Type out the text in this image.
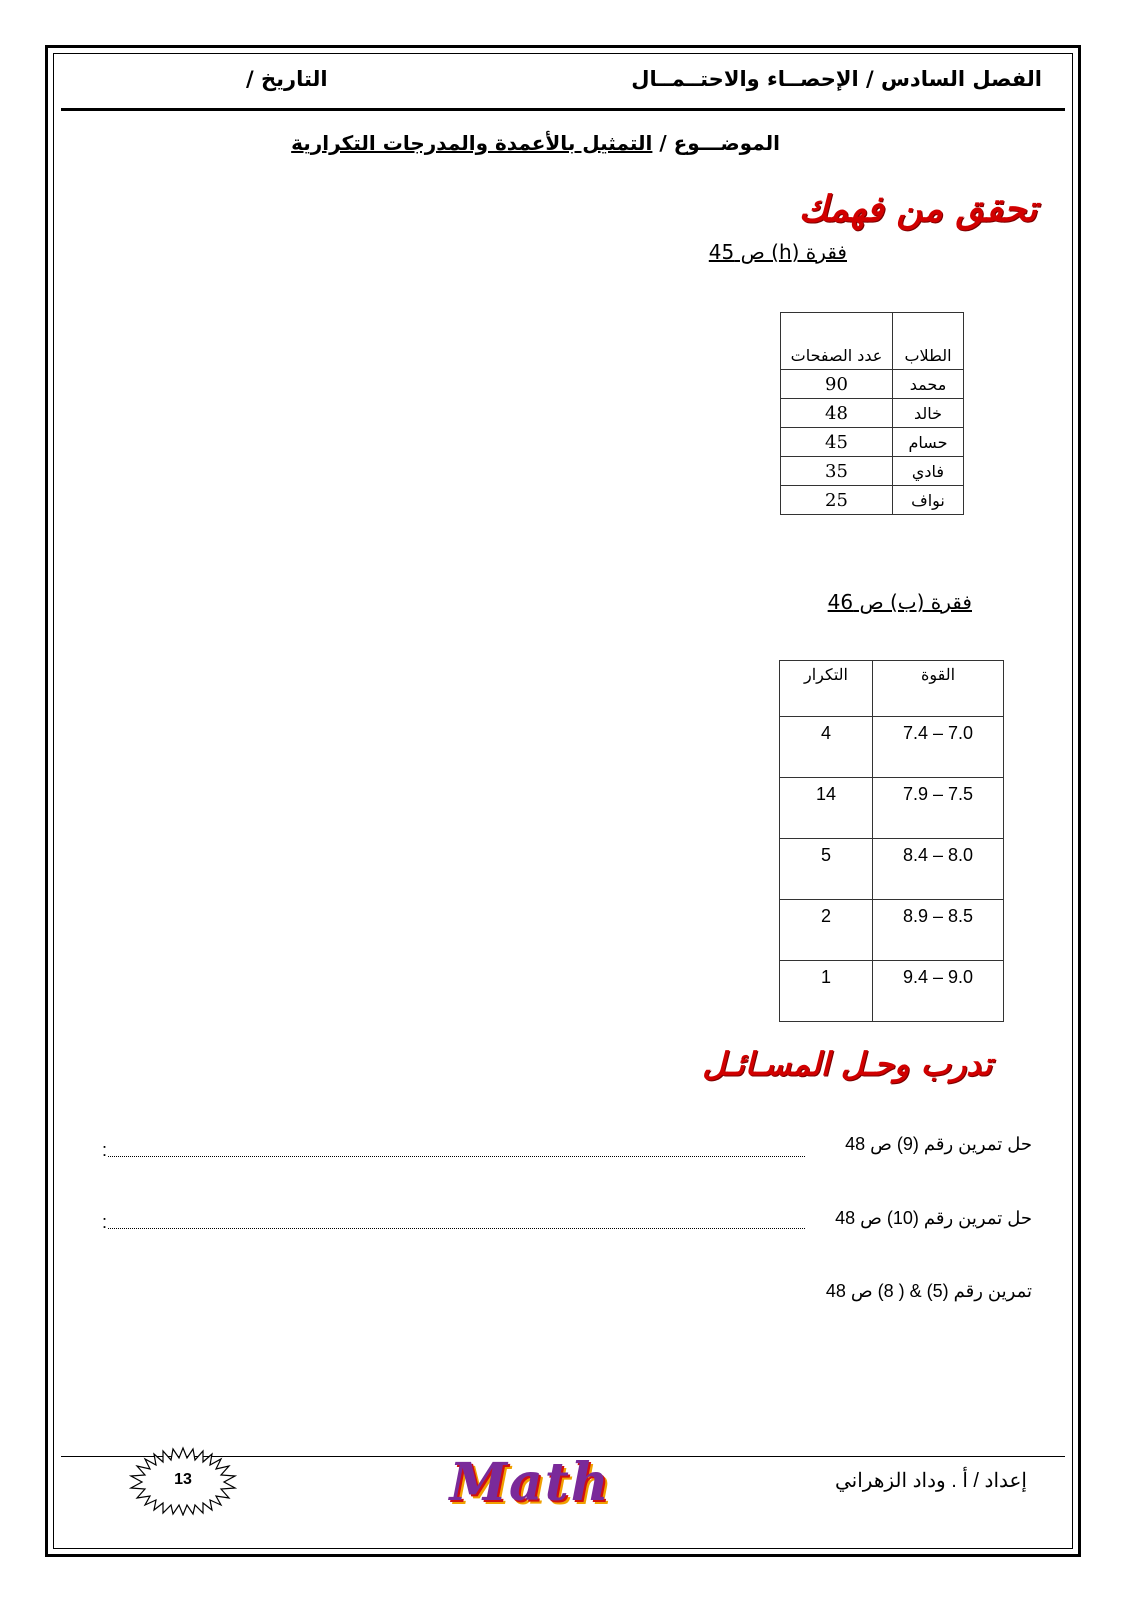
الفصل السادس / الإحصــاء والاحتــمــال
التاريخ /
الموضـــوع / التمثيل بالأعمدة والمدرجات التكرارية
تحقق من فهمك
فقرة (h) ص 45
الطلاب	عدد الصفحات
محمد	90
خالد	48
حسام	45
فادي	35
نواف	25
فقرة (ب) ص 46
القوة	التكرار
7.4 – 7.0	4
7.9 – 7.5	14
8.4 – 8.0	5
8.9 – 8.5	2
9.4 – 9.0	1
تدرب وحـل المسـائـل
حل تمرين رقم (9) ص 48
:
حل تمرين رقم (10) ص 48
:
تمرين رقم (5) & ( 8) ص 48
إعداد / أ . وداد الزهراني
Math
13
